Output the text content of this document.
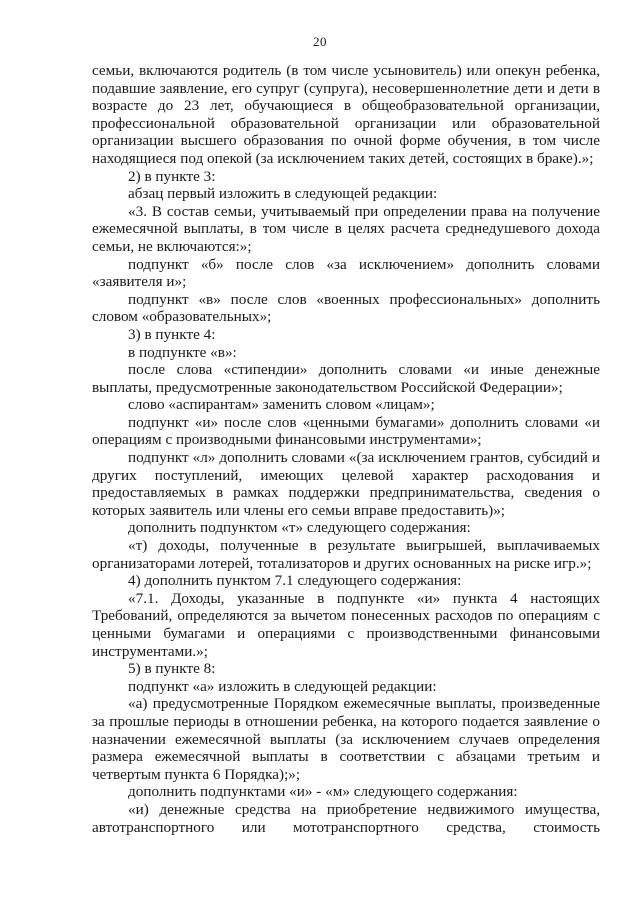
20

семьи, включаются родитель (в том числе усыновитель) или опекун ребенка, подавшие заявление, его супруг (супруга), несовершеннолетние дети и дети в возрасте до 23 лет, обучающиеся в общеобразовательной организации, профессиональной образовательной организации или образовательной организации высшего образования по очной форме обучения, в том числе находящиеся под опекой (за исключением таких детей, состоящих в браке).»;

2) в пункте 3:

абзац первый изложить в следующей редакции:

«3. В состав семьи, учитываемый при определении права на получение ежемесячной выплаты, в том числе в целях расчета среднедушевого дохода семьи, не включаются:»;

подпункт «б» после слов «за исключением» дополнить словами «заявителя и»;

подпункт «в» после слов «военных профессиональных» дополнить словом «образовательных»;

3) в пункте 4:

в подпункте «в»:

после слова «стипендии» дополнить словами «и иные денежные выплаты, предусмотренные законодательством Российской Федерации»;

слово «аспирантам» заменить словом «лицам»;

подпункт «и» после слов «ценными бумагами» дополнить словами «и операциям с производными финансовыми инструментами»;

подпункт «л» дополнить словами «(за исключением грантов, субсидий и других поступлений, имеющих целевой характер расходования и предоставляемых в рамках поддержки предпринимательства, сведения о которых заявитель или члены его семьи вправе предоставить)»;

дополнить подпунктом «т» следующего содержания:

«т) доходы, полученные в результате выигрышей, выплачиваемых организаторами лотерей, тотализаторов и других основанных на риске игр.»;

4) дополнить пунктом 7.1 следующего содержания:

«7.1. Доходы, указанные в подпункте «и» пункта 4 настоящих Требований, определяются за вычетом понесенных расходов по операциям с ценными бумагами и операциями с производственными финансовыми инструментами.»;

5) в пункте 8:

подпункт «а» изложить в следующей редакции:

«а) предусмотренные Порядком ежемесячные выплаты, произведенные за прошлые периоды в отношении ребенка, на которого подается заявление о назначении ежемесячной выплаты (за исключением случаев определения размера ежемесячной выплаты в соответствии с абзацами третьим и четвертым пункта 6 Порядка);»;

дополнить подпунктами «и» - «м» следующего содержания:

«и) денежные средства на приобретение недвижимого имущества, автотранспортного или мототранспортного средства, стоимость
